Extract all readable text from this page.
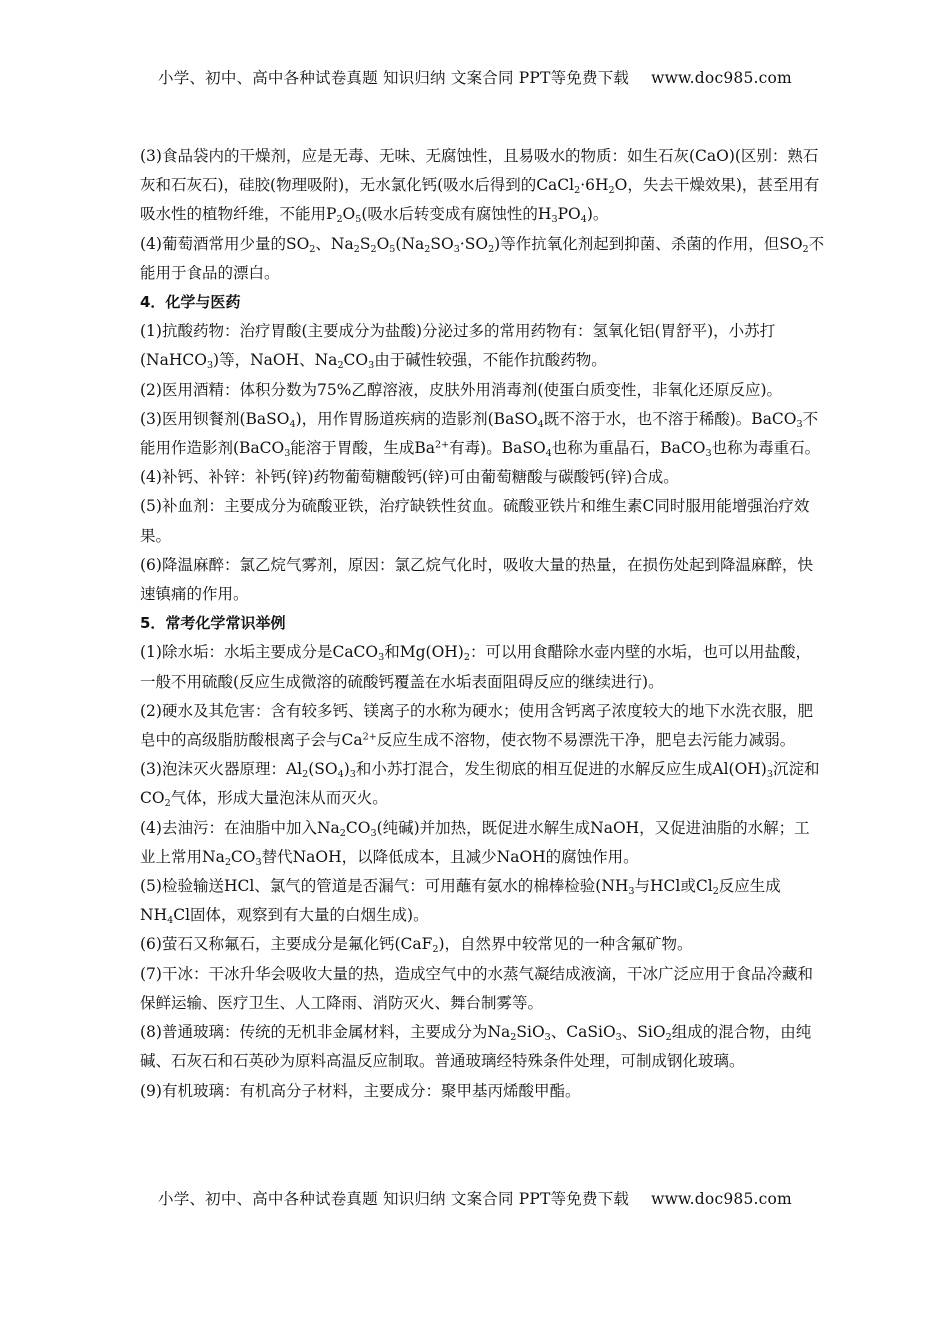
小学、初中、高中各种试卷真题 知识归纳 文案合同 PPT等免费下载 www.doc985.com

(3)食品袋内的干燥剂，应是无毒、无味、无腐蚀性，且易吸水的物质：如生石灰(CaO)(区别：熟石灰和石灰石)，硅胶(物理吸附)，无水氯化钙(吸水后得到的$CaCl_2\cdot 6H_2O$，失去干燥效果)，甚至用有吸水性的植物纤维，不能用$P_2O_5$(吸水后转变成有腐蚀性的$H_3PO_4$)。

(4)葡萄酒常用少量的$SO_2$、$Na_2S_2O_5(Na_2SO_3\cdot SO_2)$等作抗氧化剂起到抑菌、杀菌的作用，但$SO_2$不能用于食品的漂白。

4．化学与医药

(1)抗酸药物：治疗胃酸(主要成分为盐酸)分泌过多的常用药物有：氢氧化铝(胃舒平)，小苏打(NaHCO$_3$)等，NaOH、$Na_2CO_3$由于碱性较强，不能作抗酸药物。

(2)医用酒精：体积分数为75%乙醇溶液，皮肤外用消毒剂(使蛋白质变性，非氧化还原反应)。

(3)医用钡餐剂(BaSO$_4$)，用作胃肠道疾病的造影剂(BaSO$_4$既不溶于水，也不溶于稀酸)。BaCO$_3$不能用作造影剂(BaCO$_3$能溶于胃酸，生成$Ba^{2+}$有毒)。BaSO$_4$也称为重晶石，BaCO$_3$也称为毒重石。

(4)补钙、补锌：补钙(锌)药物葡萄糖酸钙(锌)可由葡萄糖酸与碳酸钙(锌)合成。

(5)补血剂：主要成分为硫酸亚铁，治疗缺铁性贫血。硫酸亚铁片和维生素C同时服用能增强治疗效果。

(6)降温麻醉：氯乙烷气雾剂，原因：氯乙烷气化时，吸收大量的热量，在损伤处起到降温麻醉，快速镇痛的作用。

5．常考化学常识举例

(1)除水垢：水垢主要成分是CaCO$_3$和$Mg(OH)_2$：可以用食醋除水壶内壁的水垢，也可以用盐酸，一般不用硫酸(反应生成微溶的硫酸钙覆盖在水垢表面阻碍反应的继续进行)。

(2)硬水及其危害：含有较多钙、镁离子的水称为硬水；使用含钙离子浓度较大的地下水洗衣服，肥皂中的高级脂肪酸根离子会与$Ca^{2+}$反应生成不溶物，使衣物不易漂洗干净，肥皂去污能力减弱。

(3)泡沫灭火器原理：$Al_2(SO_4)_3$和小苏打混合，发生彻底的相互促进的水解反应生成$Al(OH)_3$沉淀和$CO_2$气体，形成大量泡沫从而灭火。

(4)去油污：在油脂中加入$Na_2CO_3$(纯碱)并加热，既促进水解生成NaOH，又促进油脂的水解；工业上常用$Na_2CO_3$替代NaOH，以降低成本，且减少NaOH的腐蚀作用。

(5)检验输送HCl、氯气的管道是否漏气：可用蘸有氨水的棉棒检验($NH_3$与HCl或$Cl_2$反应生成$NH_4Cl$固体，观察到有大量的白烟生成)。

(6)萤石又称氟石，主要成分是氟化钙(CaF$_2$)，自然界中较常见的一种含氟矿物。

(7)干冰：干冰升华会吸收大量的热，造成空气中的水蒸气凝结成液滴，干冰广泛应用于食品冷藏和保鲜运输、医疗卫生、人工降雨、消防灭火、舞台制雾等。

(8)普通玻璃：传统的无机非金属材料，主要成分为$Na_2SiO_3$、CaSiO$_3$、SiO$_2$组成的混合物，由纯碱、石灰石和石英砂为原料高温反应制取。普通玻璃经特殊条件处理，可制成钢化玻璃。

(9)有机玻璃：有机高分子材料，主要成分：聚甲基丙烯酸甲酯。

小学、初中、高中各种试卷真题 知识归纳 文案合同 PPT等免费下载 www.doc985.com
